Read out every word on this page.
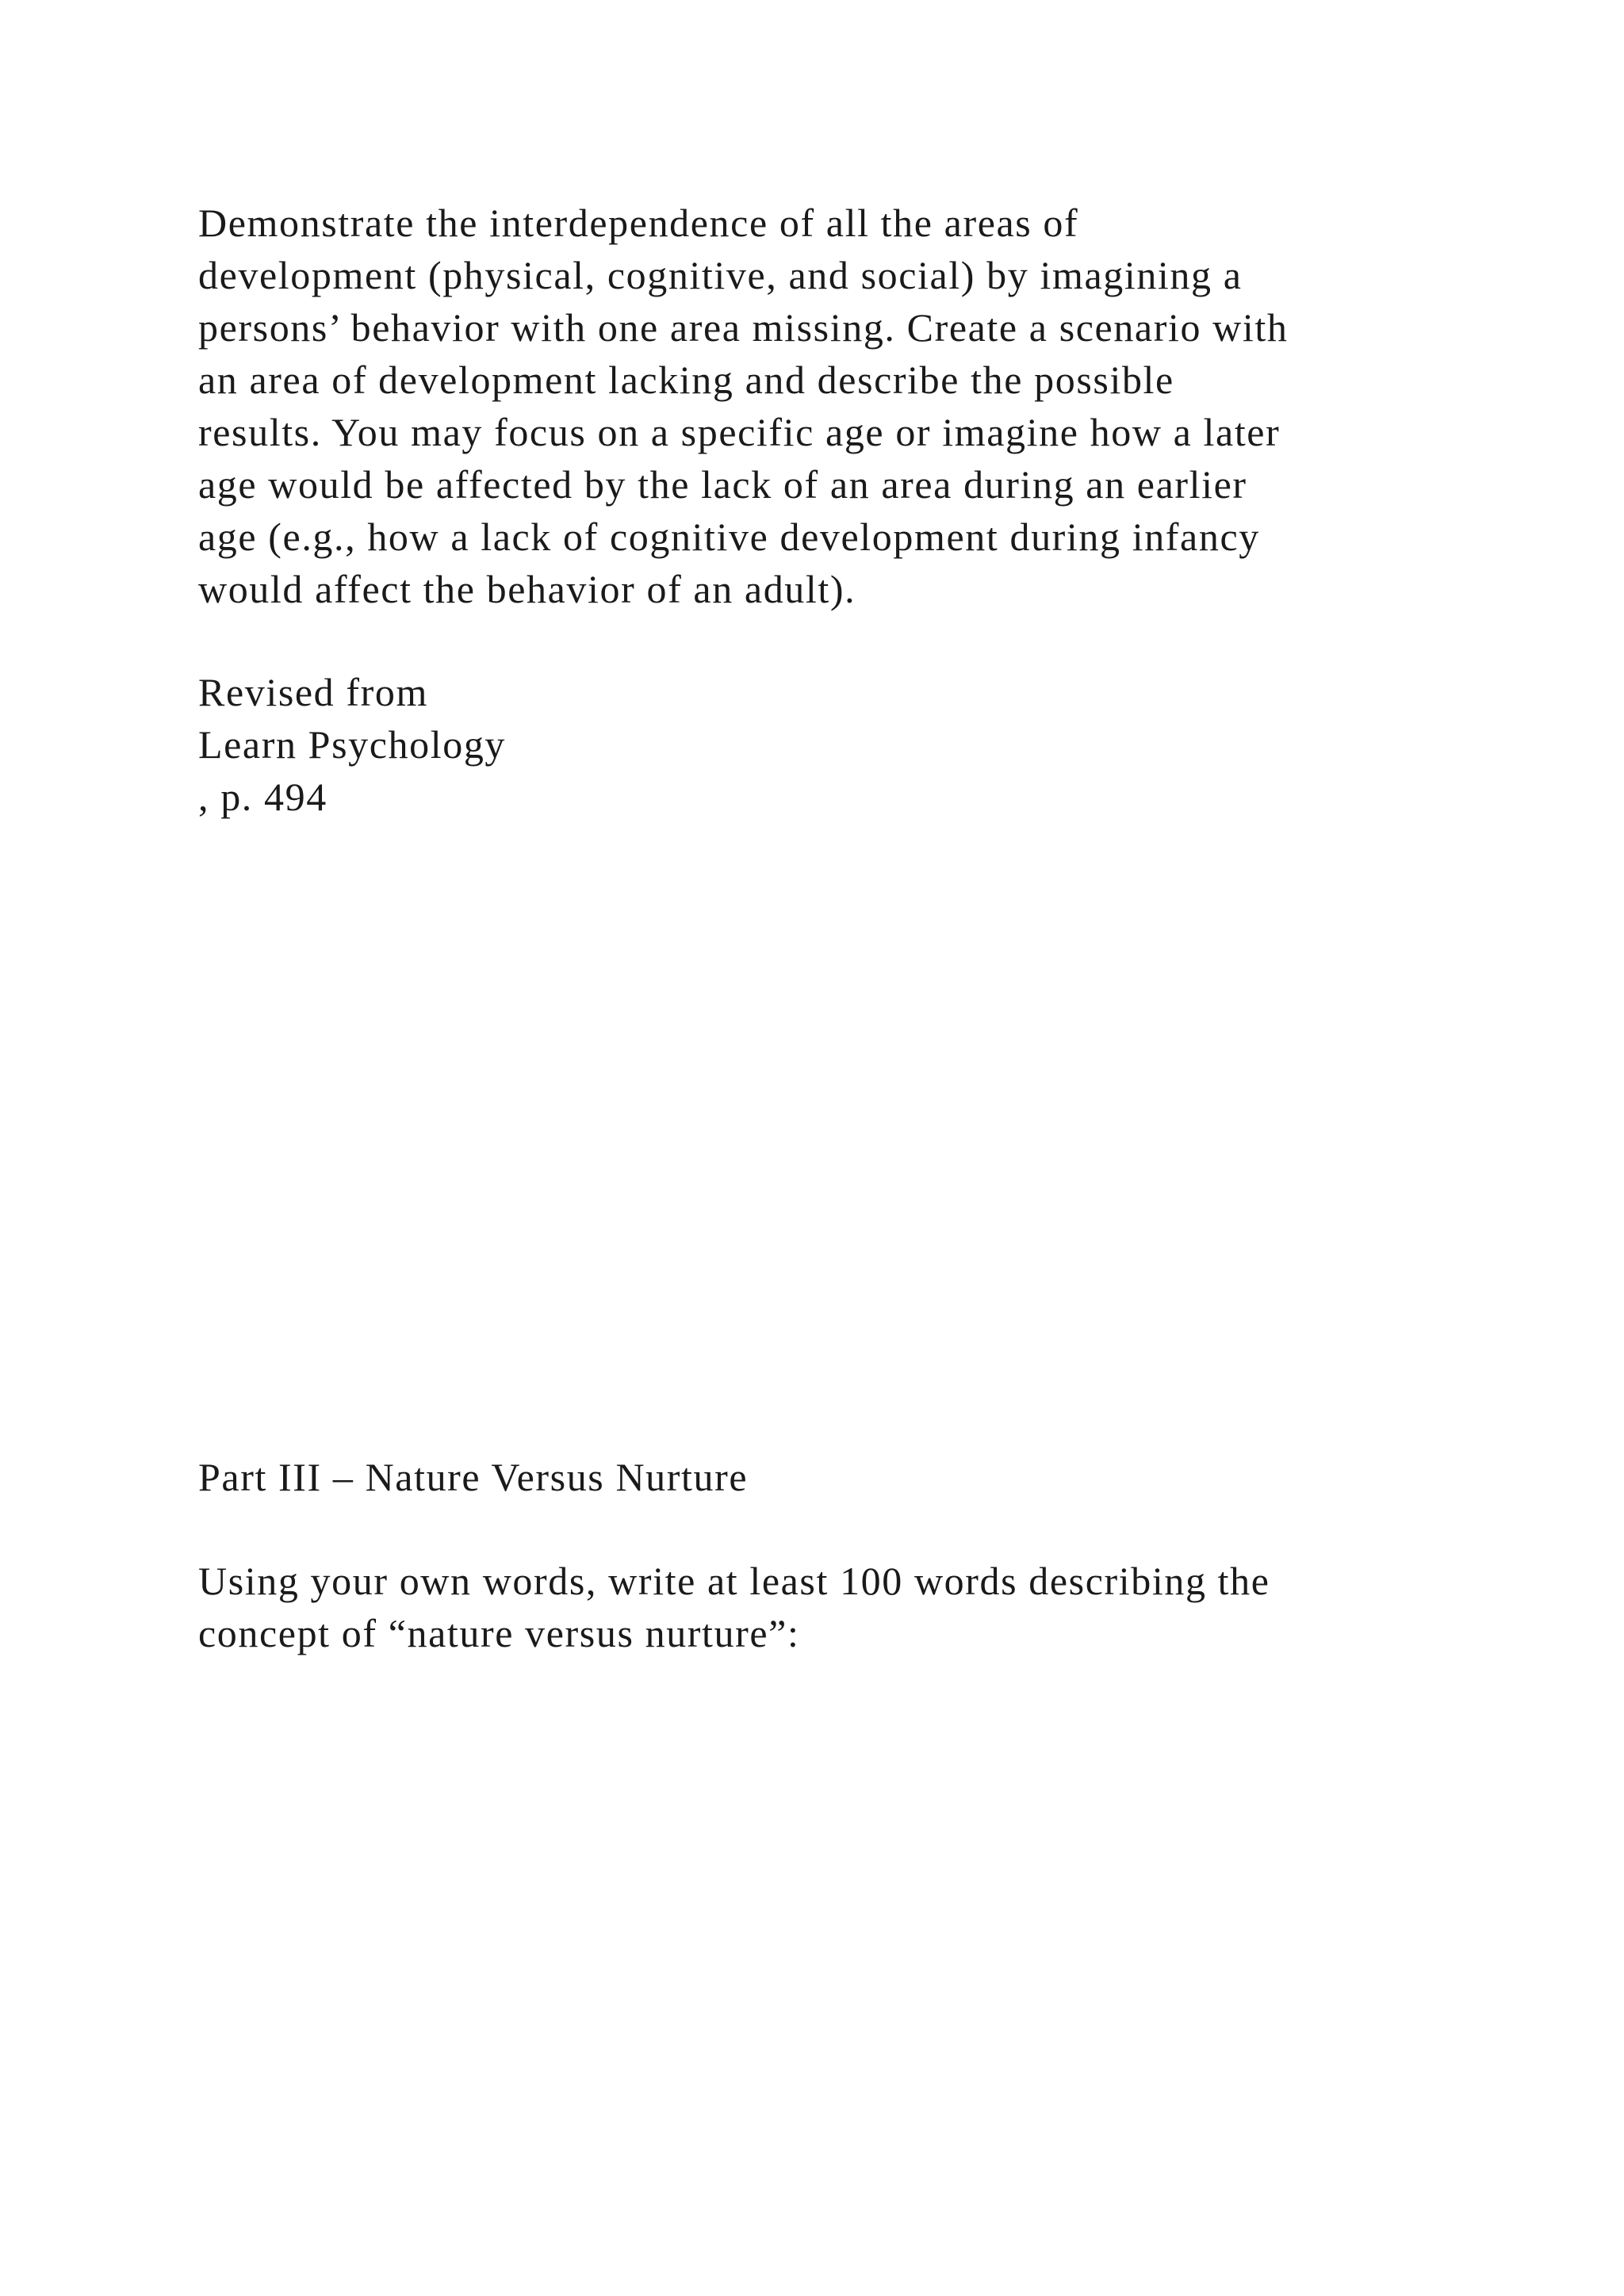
Demonstrate the interdependence of all the areas of
development (physical, cognitive, and social) by imagining a
persons’ behavior with one area missing. Create a scenario with
an area of development lacking and describe the possible
results. You may focus on a specific age or imagine how a later
age would be affected by the lack of an area during an earlier
age (e.g., how a lack of cognitive development during infancy
would affect the behavior of an adult).
Revised from
Learn Psychology
, p. 494
Part III – Nature Versus Nurture
Using your own words, write at least 100 words describing the
concept of “nature versus nurture”:
